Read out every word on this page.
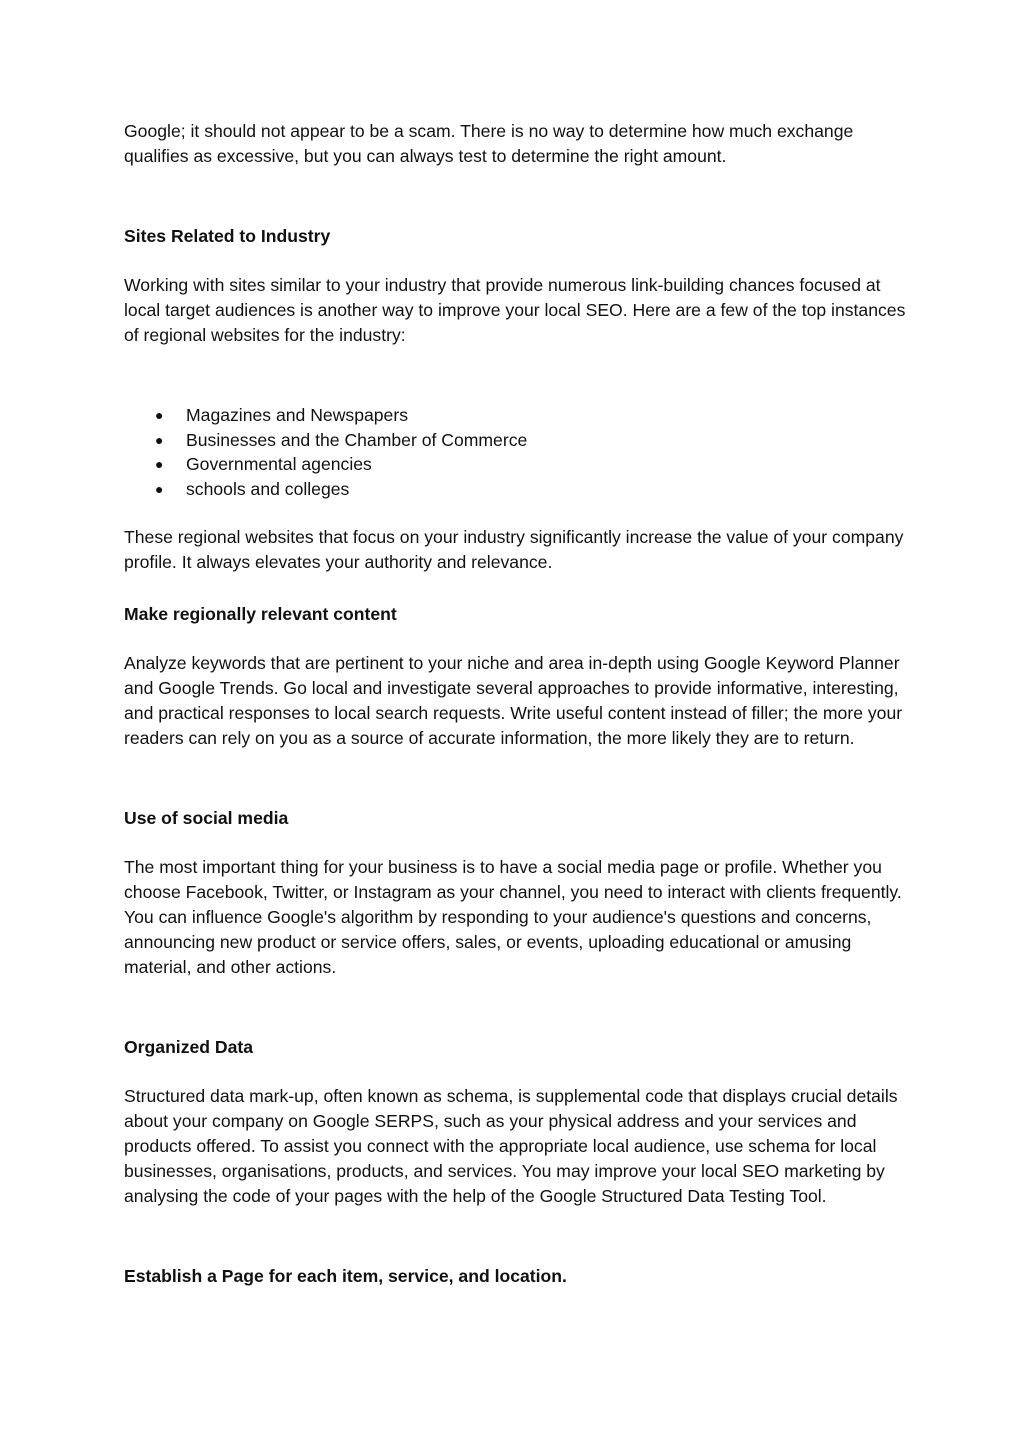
Google; it should not appear to be a scam. There is no way to determine how much exchange qualifies as excessive, but you can always test to determine the right amount.

Sites Related to Industry

Working with sites similar to your industry that provide numerous link-building chances focused at local target audiences is another way to improve your local SEO. Here are a few of the top instances of regional websites for the industry:

● Magazines and Newspapers
● Businesses and the Chamber of Commerce
● Governmental agencies
● schools and colleges

These regional websites that focus on your industry significantly increase the value of your company profile. It always elevates your authority and relevance.

Make regionally relevant content

Analyze keywords that are pertinent to your niche and area in-depth using Google Keyword Planner and Google Trends. Go local and investigate several approaches to provide informative, interesting, and practical responses to local search requests. Write useful content instead of filler; the more your readers can rely on you as a source of accurate information, the more likely they are to return.

Use of social media

The most important thing for your business is to have a social media page or profile. Whether you choose Facebook, Twitter, or Instagram as your channel, you need to interact with clients frequently. You can influence Google's algorithm by responding to your audience's questions and concerns, announcing new product or service offers, sales, or events, uploading educational or amusing material, and other actions.

Organized Data

Structured data mark-up, often known as schema, is supplemental code that displays crucial details about your company on Google SERPS, such as your physical address and your services and products offered. To assist you connect with the appropriate local audience, use schema for local businesses, organisations, products, and services. You may improve your local SEO marketing by analysing the code of your pages with the help of the Google Structured Data Testing Tool.

Establish a Page for each item, service, and location.
